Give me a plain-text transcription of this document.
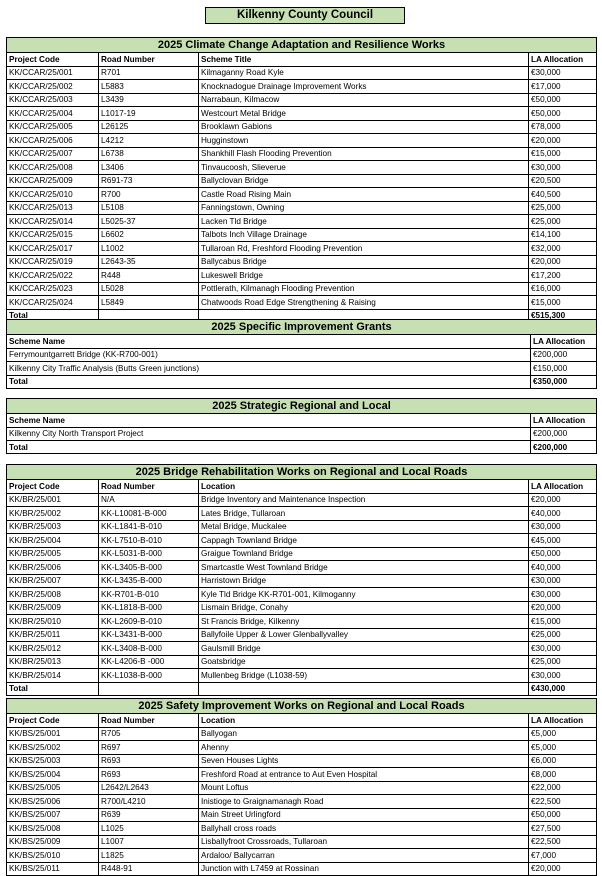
Kilkenny County Council
2025 Climate Change Adaptation and Resilience Works			
Project Code	Road Number	Scheme Title	LA Allocation
KK/CCAR/25/001	R701	Kilmaganny Road Kyle	€30,000
KK/CCAR/25/002	L5883	Knocknadogue Drainage Improvement Works	€17,000
KK/CCAR/25/003	L3439	Narrabaun, Kilmacow	€50,000
KK/CCAR/25/004	L1017-19	Westcourt Metal Bridge	€50,000
KK/CCAR/25/005	L26125	Brooklawn Gabions	€78,000
KK/CCAR/25/006	L4212	Hugginstown	€20,000
KK/CCAR/25/007	L6738	Shankhill Flash Flooding Prevention	€15,000
KK/CCAR/25/008	L3406	Tinvaucoosh, Slieverue	€30,000
KK/CCAR/25/009	R691-73	Ballyclovan Bridge	€20,500
KK/CCAR/25/010	R700	Castle Road Rising Main	€40,500
KK/CCAR/25/013	L5108	Fanningstown, Owning	€25,000
KK/CCAR/25/014	L5025-37	Lacken Tld Bridge	€25,000
KK/CCAR/25/015	L6602	Talbots Inch Village Drainage	€14,100
KK/CCAR/25/017	L1002	Tullaroan Rd, Freshford Flooding Prevention	€32,000
KK/CCAR/25/019	L2643-35	Ballycabus Bridge	€20,000
KK/CCAR/25/022	R448	Lukeswell Bridge	€17,200
KK/CCAR/25/023	L5028	Pottlerath, Kilmanagh Flooding Prevention	€16,000
KK/CCAR/25/024	L5849	Chatwoods Road Edge Strengthening & Raising	€15,000
Total			€515,300
2025 Specific Improvement Grants	
Scheme Name	LA Allocation
Ferrymountgarrett Bridge (KK-R700-001)	€200,000
Kilkenny City Traffic Analysis (Butts Green junctions)	€150,000
Total	€350,000
2025 Strategic Regional and Local	
Scheme Name	LA Allocation
Kilkenny City North Transport Project	€200,000
Total	€200,000
2025 Bridge Rehabilitation Works on Regional and Local Roads			
Project Code	Road Number	Location	LA Allocation
KK/BR/25/001	N/A	Bridge Inventory and Maintenance Inspection	€20,000
KK/BR/25/002	KK-L10081-B-000	Lates Bridge, Tullaroan	€40,000
KK/BR/25/003	KK-L1841-B-010	Metal Bridge, Muckalee	€30,000
KK/BR/25/004	KK-L7510-B-010	Cappagh Townland Bridge	€45,000
KK/BR/25/005	KK-L5031-B-000	Graigue Townland Bridge	€50,000
KK/BR/25/006	KK-L3405-B-000	Smartcastle West Townland Bridge	€40,000
KK/BR/25/007	KK-L3435-B-000	Harristown Bridge	€30,000
KK/BR/25/008	KK-R701-B-010	Kyle Tld Bridge KK-R701-001, Kilmoganny	€30,000
KK/BR/25/009	KK-L1818-B-000	Lismain Bridge, Conahy	€20,000
KK/BR/25/010	KK-L2609-B-010	St Francis Bridge, Kilkenny	€15,000
KK/BR/25/011	KK-L3431-B-000	Ballyfoile Upper & Lower Glenballyvalley	€25,000
KK/BR/25/012	KK-L3408-B-000	Gaulsmill Bridge	€30,000
KK/BR/25/013	KK-L4206-B -000	Goatsbridge	€25,000
KK/BR/25/014	KK-L1038-B-000	Mullenbeg Bridge (L1038-59)	€30,000
Total			€430,000
2025 Safety Improvement Works on Regional and Local Roads			
Project Code	Road Number	Location	LA Allocation
KK/BS/25/001	R705	Ballyogan	€5,000
KK/BS/25/002	R697	Ahenny	€5,000
KK/BS/25/003	R693	Seven Houses Lights	€6,000
KK/BS/25/004	R693	Freshford Road at entrance to Aut Even Hospital	€8,000
KK/BS/25/005	L2642/L2643	Mount Loftus	€22,000
KK/BS/25/006	R700/L4210	Inistioge to Graignamanagh Road	€22,500
KK/BS/25/007	R639	Main Street Urlingford	€50,000
KK/BS/25/008	L1025	Ballyhall cross roads	€27,500
KK/BS/25/009	L1007	Lisballyfroot Crossroads, Tullaroan	€22,500
KK/BS/25/010	L1825	Ardaloo/ Ballycarran	€7,000
KK/BS/25/011	R448-91	Junction with L7459 at Rossinan	€20,000
